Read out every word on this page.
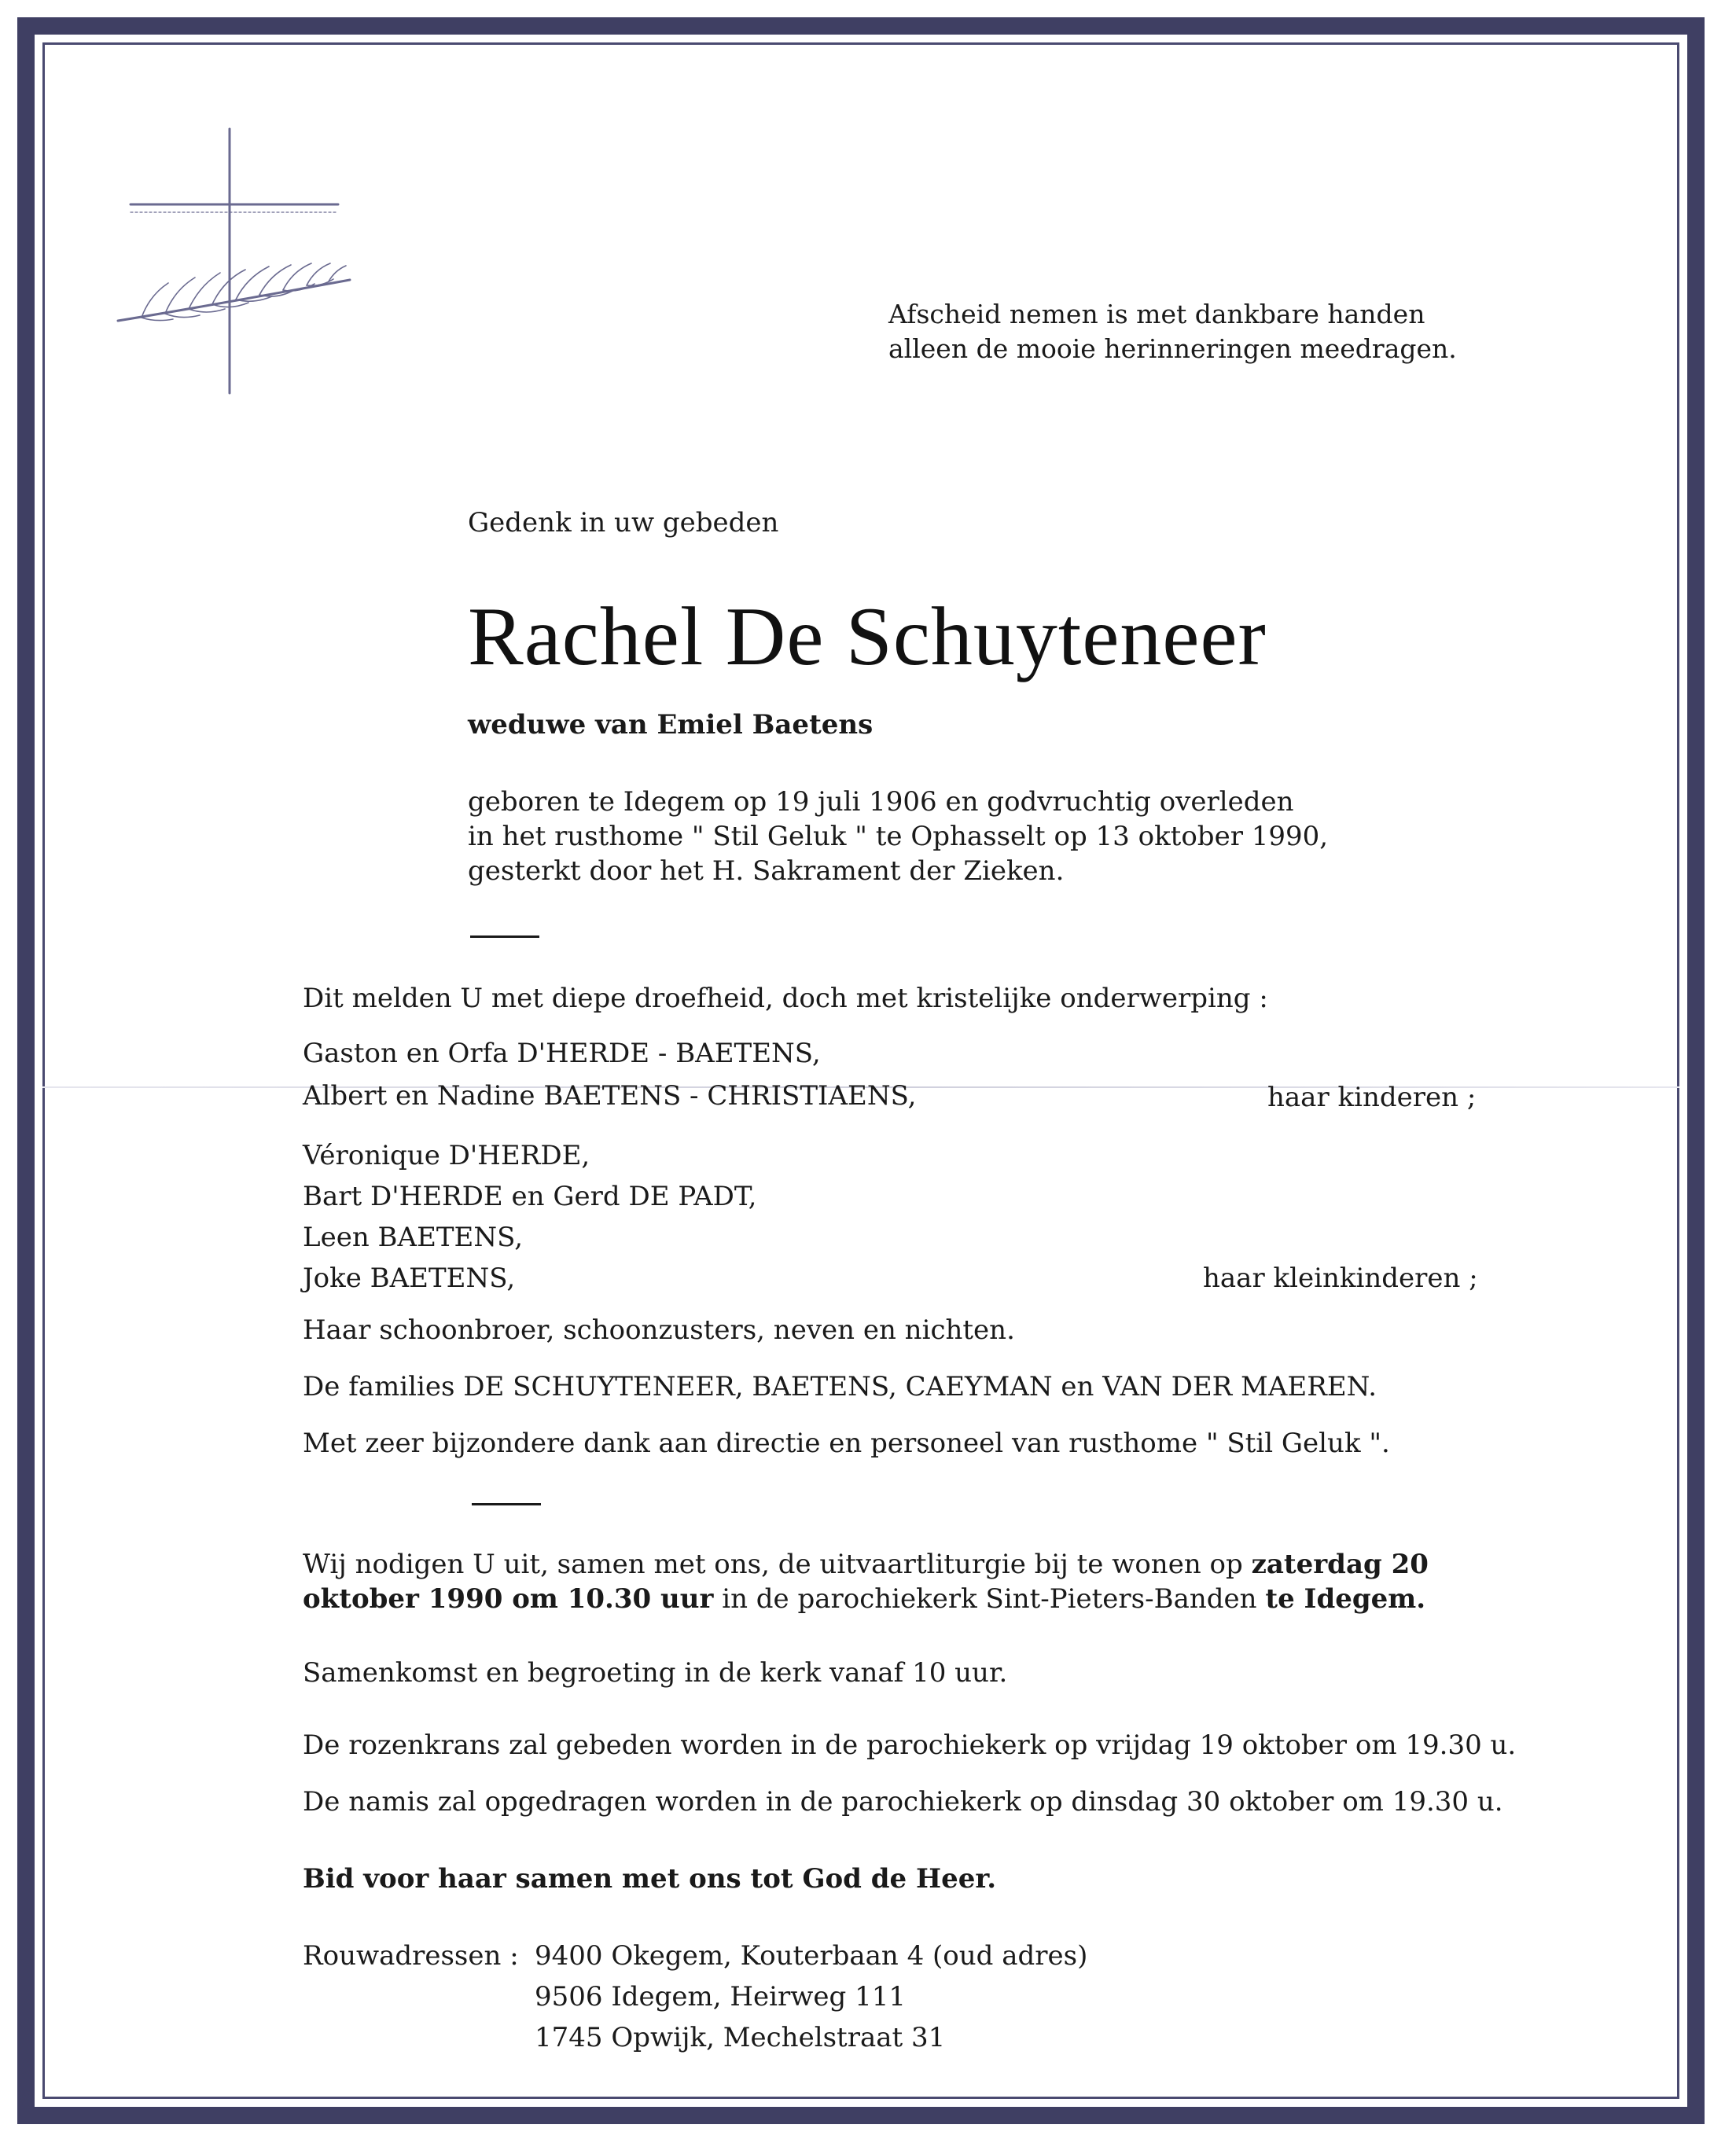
Afscheid nemen is met dankbare handen

alleen de mooie herinneringen meedragen.

Gedenk in uw gebeden

Rachel De Schuyteneer

weduwe van Emiel Baetens

geboren te Idegem op 19 juli 1906 en godvruchtig overleden

in het rusthome " Stil Geluk " te Ophasselt op 13 oktober 1990,

gesterkt door het H. Sakrament der Zieken.

Dit melden U met diepe droefheid, doch met kristelijke onderwerping :

Gaston en Orfa D'HERDE - BAETENS,

Albert en Nadine BAETENS - CHRISTIAENS,	haar kinderen ;

Véronique D'HERDE,

Bart D'HERDE en Gerd DE PADT,

Leen BAETENS,

Joke BAETENS,	haar kleinkinderen ;

Haar schoonbroer, schoonzusters, neven en nichten.

De families DE SCHUYTENEER, BAETENS, CAEYMAN en VAN DER MAEREN.

Met zeer bijzondere dank aan directie en personeel van rusthome " Stil Geluk ".

Wij nodigen U uit, samen met ons, de uitvaartliturgie bij te wonen op zaterdag 20

oktober 1990 om 10.30 uur in de parochiekerk Sint-Pieters-Banden te Idegem.

Samenkomst en begroeting in de kerk vanaf 10 uur.

De rozenkrans zal gebeden worden in de parochiekerk op vrijdag 19 oktober om 19.30 u.

De namis zal opgedragen worden in de parochiekerk op dinsdag 30 oktober om 19.30 u.

Bid voor haar samen met ons tot God de Heer.

Rouwadressen : 9400 Okegem, Kouterbaan 4 (oud adres)

9506 Idegem, Heirweg 111

1745 Opwijk, Mechelstraat 31
